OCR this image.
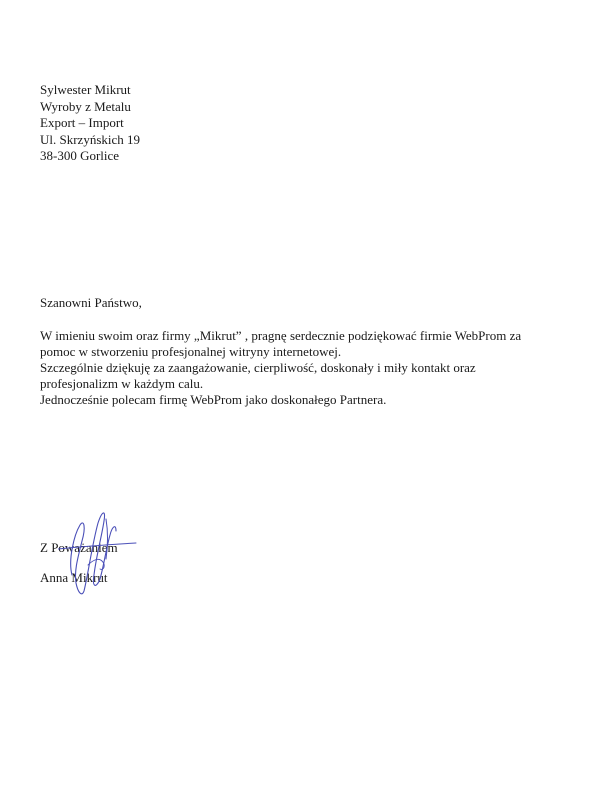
Sylwester Mikrut
Wyroby z Metalu
Export – Import
Ul. Skrzyńskich 19
38-300 Gorlice
Szanowni Państwo,
W imieniu swoim oraz firmy „Mikrut” , pragnę serdecznie podziękować firmie WebProm za
pomoc w stworzeniu profesjonalnej witryny internetowej.
Szczególnie dziękuję za zaangażowanie, cierpliwość, doskonały i miły kontakt oraz
profesjonalizm w każdym calu.
Jednocześnie polecam firmę WebProm jako doskonałego Partnera.
Z Poważaniem
Anna Mikrut
